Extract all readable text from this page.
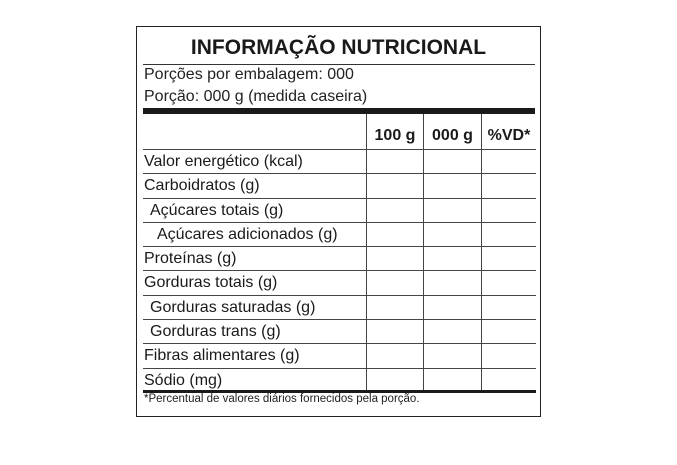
INFORMAÇÃO NUTRICIONAL
Porções por embalagem: 000
Porção: 000 g (medida caseira)
100 g	000 g %VD*
Valor energético (kcal)
Carboidratos (g)
Açúcares totais (g)
Açúcares adicionados (g)
Proteínas (g)
Gorduras totais (g)
Gorduras saturadas (g)
Gorduras trans (g)
Fibras alimentares (g)
Sódio (mg)
*Percentual de valores diários fornecidos pela porção.
